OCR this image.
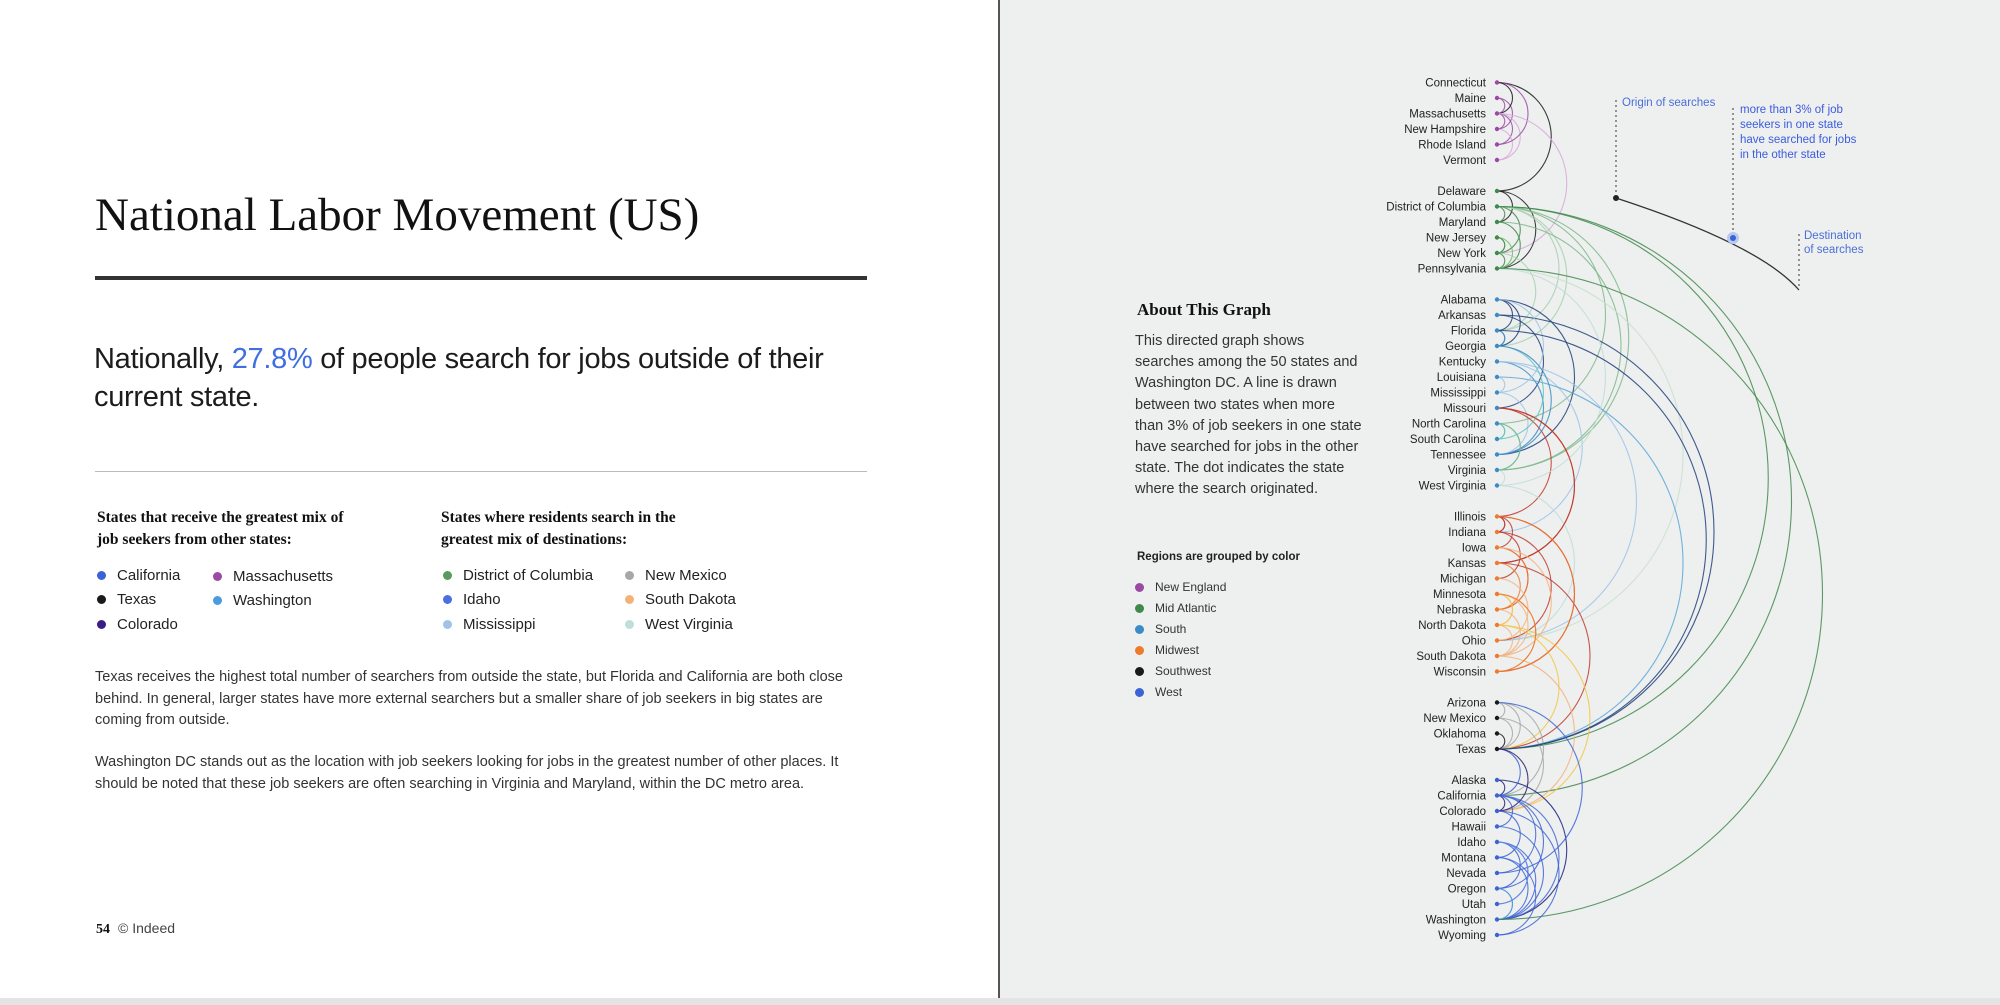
National Labor Movement (US)
Nationally, 27.8% of people search for jobs outside of their current state.
States that receive the greatest mix of
job seekers from other states:
California
Texas
Colorado
Massachusetts
Washington
States where residents search in the
greatest mix of destinations:
District of Columbia
Idaho
Mississippi
New Mexico
South Dakota
West Virginia

Texas receives the highest total number of searchers from outside the state, but Florida and California are both close behind. In general, larger states have more external searchers but a smaller share of job seekers in big states are coming from outside.

Washington DC stands out as the location with job seekers looking for jobs in the greatest number of other places. It should be noted that these job seekers are often searching in Virginia and Maryland, within the DC metro area.

54 © Indeed
About This Graph

This directed graph shows searches among the 50 states and Washington DC. A line is drawn between two states when more than 3% of job seekers in one state have searched for jobs in the other state. The dot indicates the state where the search originated.

Regions are grouped by color
New England
Mid Atlantic
South
Midwest
Southwest
West
Connecticut
Maine
Massachusetts
New Hampshire
Rhode Island
Vermont
Delaware
District of Columbia
Maryland
New Jersey
New York
Pennsylvania
Alabama
Arkansas
Florida
Georgia
Kentucky
Louisiana
Mississippi
Missouri
North Carolina
South Carolina
Tennessee
Virginia
West Virginia
Illinois
Indiana
Iowa
Kansas
Michigan
Minnesota
Nebraska
North Dakota
Ohio
South Dakota
Wisconsin
Arizona
New Mexico
Oklahoma
Texas
Alaska
California
Colorado
Hawaii
Idaho
Montana
Nevada
Oregon
Utah
Washington
Wyoming
Origin of searches
more than 3% of job seekers in one state have searched for jobs in the other state
Destination of searches
